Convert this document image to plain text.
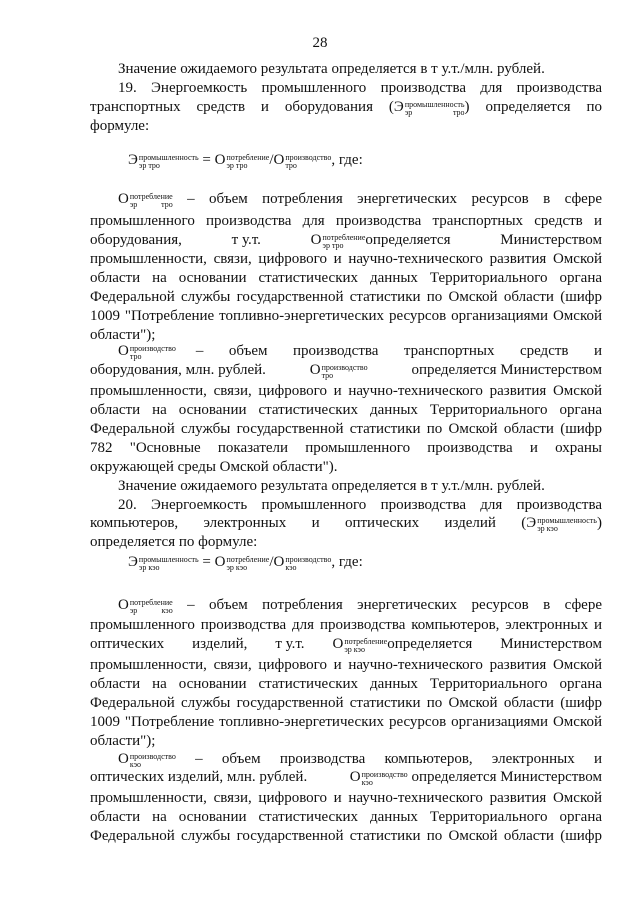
28
Значение ожидаемого результата определяется в т у.т./млн. рублей.
19. Энергоемкость промышленного производства для производства
транспортных средств и оборудования (Э промышленность
эр тро ) определяется по
формуле:
Э промышленность
эр тро	= О потребление
эр тро	/О производство
тро	, где:
О потребление
эр тро – объем потребления энергетических ресурсов в сфере
промышленного производства для производства транспортных средств и
оборудования,	т у.т.	О потребление
эр тро	определяется	Министерством
промышленности, связи, цифрового и научно-технического развития Омской
области на основании статистических данных Территориального органа
Федеральной службы государственной статистики по Омской области (шифр
1009 "Потребление топливно-энергетических ресурсов организациями Омской
области");
О производство
тро	– объем производства транспортных средств и
оборудования, млн. рублей.	О производство
тро	определяется Министерством
промышленности, связи, цифрового и научно-технического развития Омской
области на основании статистических данных Территориального органа
Федеральной службы государственной статистики по Омской области (шифр
782 "Основные показатели промышленного производства и охраны
окружающей среды Омской области").
Значение ожидаемого результата определяется в т у.т./млн. рублей.
20. Энергоемкость промышленного производства для производства
компьютеров, электронных и оптических изделий (Э промышленность
эр кэо	)
определяется по формуле:
Э промышленность
эр кэо	= О потребление
эр кэо	/О производство
кэо	, где:
О потребление
эр кэо – объем потребления энергетических ресурсов в сфере
промышленного производства для производства компьютеров, электронных и
оптических изделий, т у.т. О потребление
эр кэо	определяется Министерством
промышленности, связи, цифрового и научно-технического развития Омской
области на основании статистических данных Территориального органа
Федеральной службы государственной статистики по Омской области (шифр
1009 "Потребление топливно-энергетических ресурсов организациями Омской
области");
О производство
кэо	– объем производства компьютеров, электронных и
оптических изделий, млн. рублей.	О производство
кэо	определяется Министерством
промышленности, связи, цифрового и научно-технического развития Омской
области на основании статистических данных Территориального органа
Федеральной службы государственной статистики по Омской области (шифр
